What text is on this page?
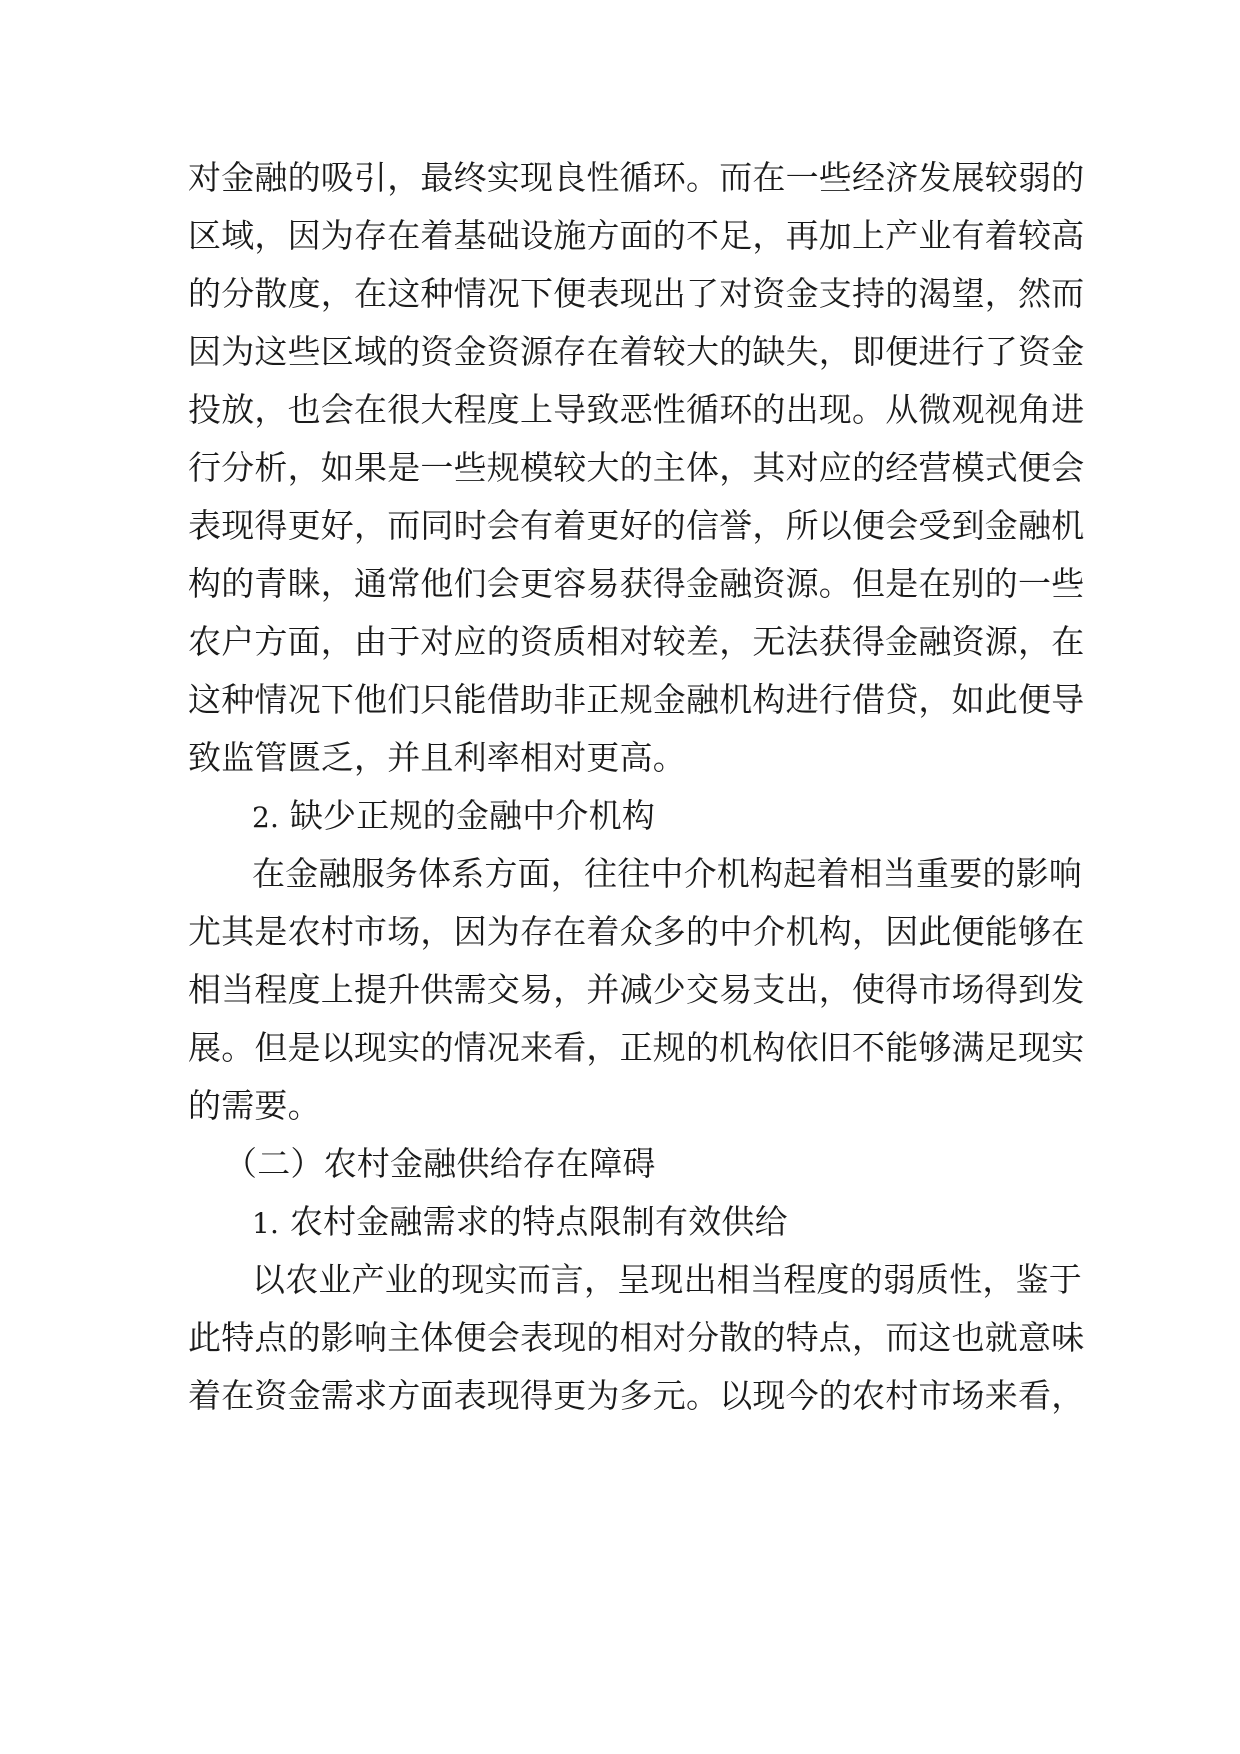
对金融的吸引，最终实现良性循环。而在一些经济发展较弱的
区域，因为存在着基础设施方面的不足，再加上产业有着较高
的分散度，在这种情况下便表现出了对资金支持的渴望，然而
因为这些区域的资金资源存在着较大的缺失，即便进行了资金
投放，也会在很大程度上导致恶性循环的出现。从微观视角进
行分析，如果是一些规模较大的主体，其对应的经营模式便会
表现得更好，而同时会有着更好的信誉，所以便会受到金融机
构的青睐，通常他们会更容易获得金融资源。但是在别的一些
农户方面，由于对应的资质相对较差，无法获得金融资源，在
这种情况下他们只能借助非正规金融机构进行借贷，如此便导
致监管匮乏，并且利率相对更高。
2. 缺少正规的金融中介机构
在金融服务体系方面，往往中介机构起着相当重要的影响
尤其是农村市场，因为存在着众多的中介机构，因此便能够在
相当程度上提升供需交易，并减少交易支出，使得市场得到发
展。但是以现实的情况来看，正规的机构依旧不能够满足现实
的需要。
（二）农村金融供给存在障碍
1. 农村金融需求的特点限制有效供给
以农业产业的现实而言，呈现出相当程度的弱质性，鉴于
此特点的影响主体便会表现的相对分散的特点，而这也就意味
着在资金需求方面表现得更为多元。以现今的农村市场来看，
